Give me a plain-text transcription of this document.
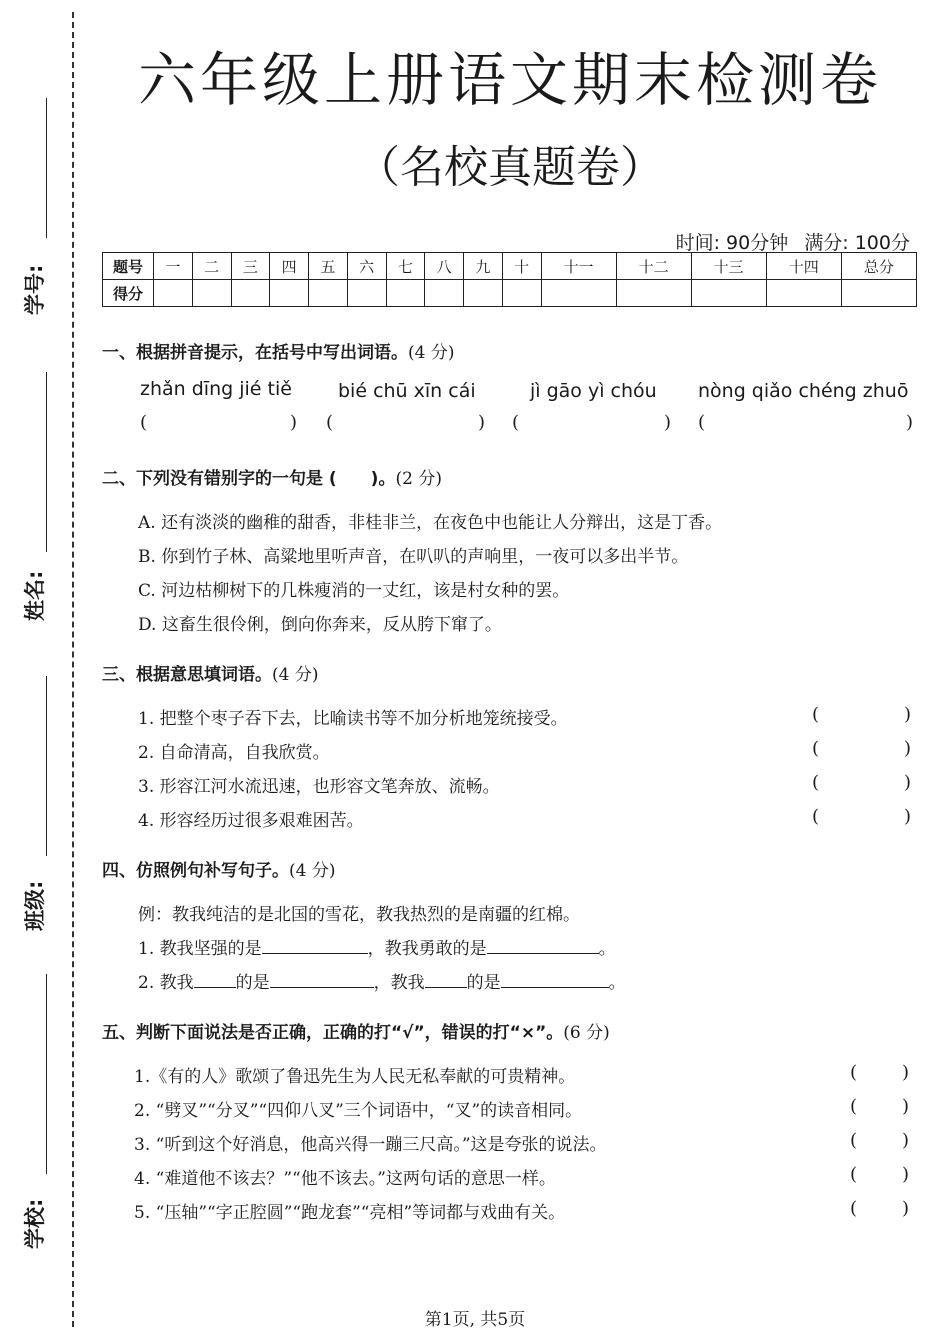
学号:
姓名:
班级:
学校:
六年级上册语文期末检测卷
（名校真题卷）
时间: 90分钟 满分: 100分
题号	一	二	三	四	五	六	七	八	九	十	十一	十二	十三	十四	总分
得分															
一、根据拼音提示，在括号中写出词语。(4 分)
zhǎn dīng jié tiě bié chū xīn cái	jì gāo yì chóu nòng qiǎo chéng zhuō
(	) (	) (	) (	)
二、下列没有错别字的一句是 (　　)。(2 分)
A. 还有淡淡的幽稚的甜香，非桂非兰，在夜色中也能让人分辩出，这是丁香。
B. 你到竹子林、高粱地里听声音，在叭叭的声响里，一夜可以多出半节。
C. 河边枯柳树下的几株瘦消的一丈红，该是村女种的罢。
D. 这畜生很伶俐，倒向你奔来，反从胯下窜了。
三、根据意思填词语。(4 分)
1. 把整个枣子吞下去，比喻读书等不加分析地笼统接受。
2. 自命清高，自我欣赏。
3. 形容江河水流迅速，也形容文笔奔放、流畅。
4. 形容经历过很多艰难困苦。
(	)
(	)
(	)
(	)
四、仿照例句补写句子。(4 分)
例：教我纯洁的是北国的雪花，教我热烈的是南疆的红棉。
1. 教我坚强的是	，教我勇敢的是	。
2. 教我 的是	，教我 的是	。
五、判断下面说法是否正确，正确的打“√”，错误的打“×”。(6 分)
1.《有的人》歌颂了鲁迅先生为人民无私奉献的可贵精神。
2. “劈叉”“分叉”“四仰八叉”三个词语中，“叉”的读音相同。
3. “听到这个好消息，他高兴得一蹦三尺高。”这是夸张的说法。
4. “难道他不该去？”“他不该去。”这两句话的意思一样。
5. “压轴”“字正腔圆”“跑龙套”“亮相”等词都与戏曲有关。
( )
( )
( )
( )
( )
第1页, 共5页
